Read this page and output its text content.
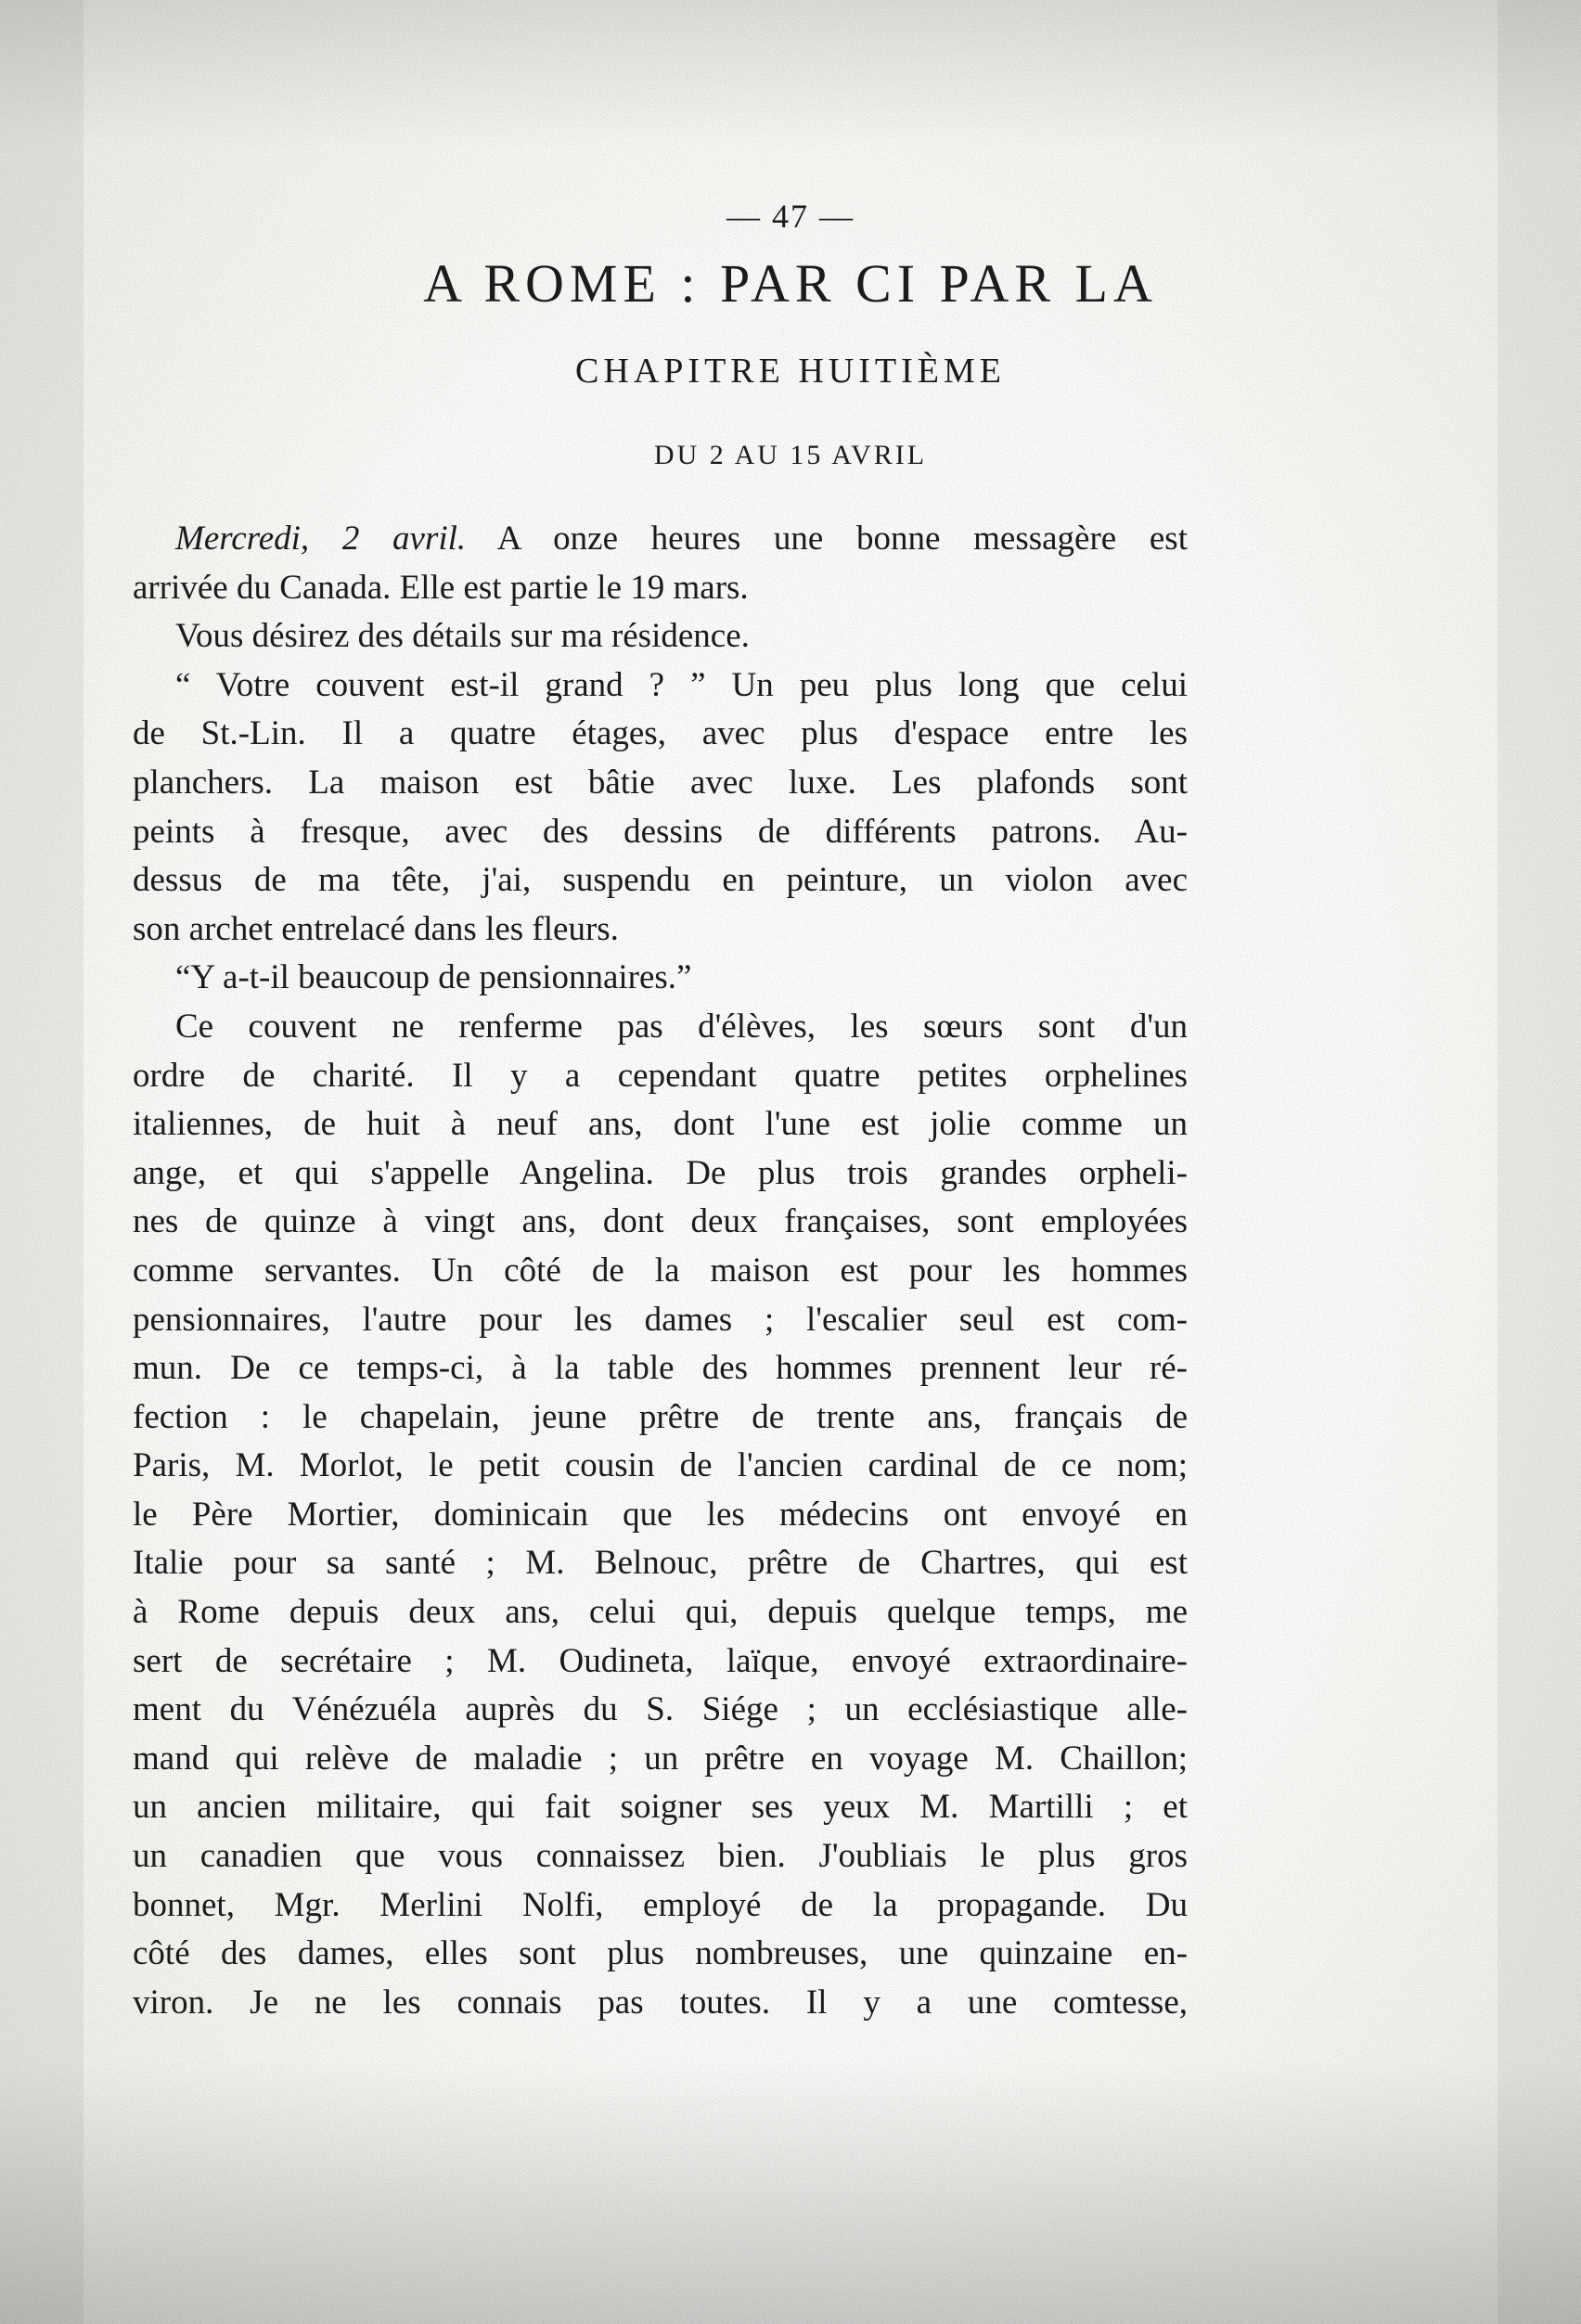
— 47 —
A ROME : PAR CI PAR LA
CHAPITRE HUITIÈME
DU 2 AU 15 AVRIL
Mercredi, 2 avril. A onze heures une bonne messagère est
arrivée du Canada. Elle est partie le 19 mars.
Vous désirez des détails sur ma résidence.
“ Votre couvent est-il grand ? ” Un peu plus long que celui
de St.-Lin. Il a quatre étages, avec plus d'espace entre les
planchers. La maison est bâtie avec luxe. Les plafonds sont
peints à fresque, avec des dessins de différents patrons. Au-
dessus de ma tête, j'ai, suspendu en peinture, un violon avec
son archet entrelacé dans les fleurs.
“Y a-t-il beaucoup de pensionnaires.”
Ce couvent ne renferme pas d'élèves, les sœurs sont d'un
ordre de charité. Il y a cependant quatre petites orphelines
italiennes, de huit à neuf ans, dont l'une est jolie comme un
ange, et qui s'appelle Angelina. De plus trois grandes orpheli-
nes de quinze à vingt ans, dont deux françaises, sont employées
comme servantes. Un côté de la maison est pour les hommes
pensionnaires, l'autre pour les dames ; l'escalier seul est com-
mun. De ce temps-ci, à la table des hommes prennent leur ré-
fection : le chapelain, jeune prêtre de trente ans, français de
Paris, M. Morlot, le petit cousin de l'ancien cardinal de ce nom;
le Père Mortier, dominicain que les médecins ont envoyé en
Italie pour sa santé ; M. Belnouc, prêtre de Chartres, qui est
à Rome depuis deux ans, celui qui, depuis quelque temps, me
sert de secrétaire ; M. Oudineta, laïque, envoyé extraordinaire-
ment du Vénézuéla auprès du S. Siége ; un ecclésiastique alle-
mand qui relève de maladie ; un prêtre en voyage M. Chaillon;
un ancien militaire, qui fait soigner ses yeux M. Martilli ; et
un canadien que vous connaissez bien. J'oubliais le plus gros
bonnet, Mgr. Merlini Nolfi, employé de la propagande. Du
côté des dames, elles sont plus nombreuses, une quinzaine en-
viron. Je ne les connais pas toutes. Il y a une comtesse,
